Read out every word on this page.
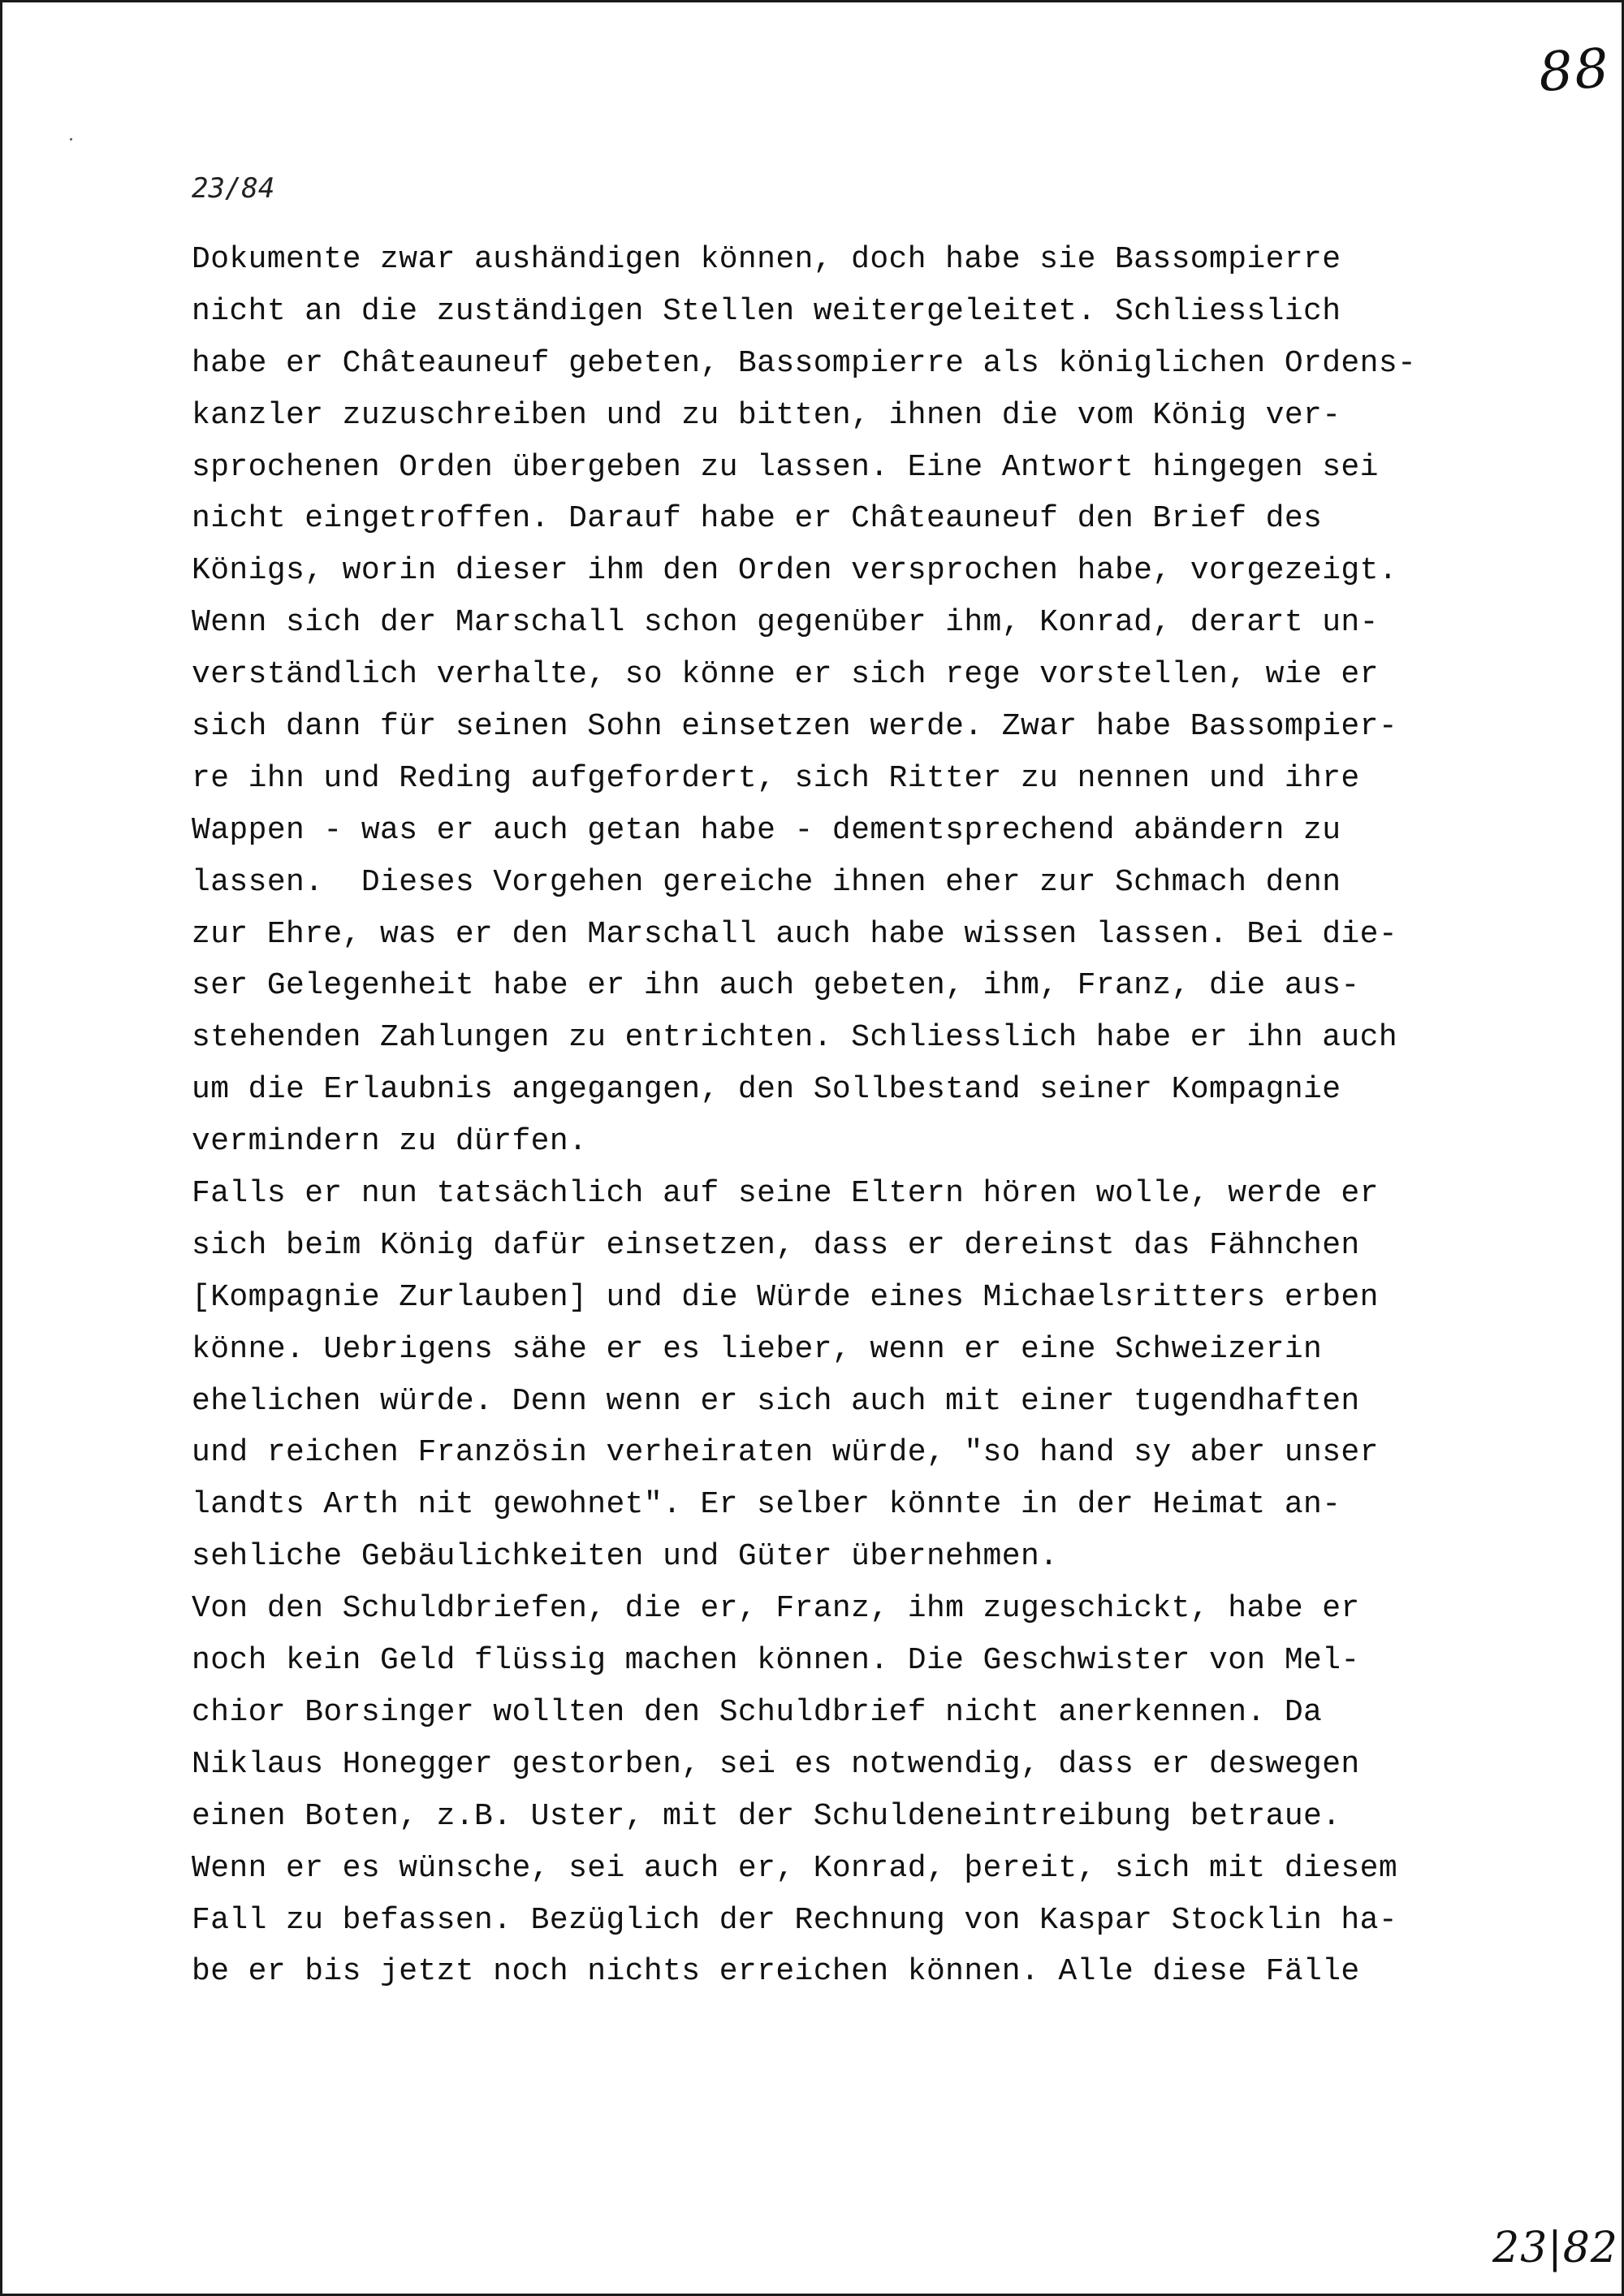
88
23/84
Dokumente zwar aushändigen können, doch habe sie Bassompierre
nicht an die zuständigen Stellen weitergeleitet. Schliesslich
habe er Châteauneuf gebeten, Bassompierre als königlichen Ordens-
kanzler zuzuschreiben und zu bitten, ihnen die vom König ver-
sprochenen Orden übergeben zu lassen. Eine Antwort hingegen sei
nicht eingetroffen. Darauf habe er Châteauneuf den Brief des
Königs, worin dieser ihm den Orden versprochen habe, vorgezeigt.
Wenn sich der Marschall schon gegenüber ihm, Konrad, derart un-
verständlich verhalte, so könne er sich rege vorstellen, wie er
sich dann für seinen Sohn einsetzen werde. Zwar habe Bassompier-
re ihn und Reding aufgefordert, sich Ritter zu nennen und ihre
Wappen - was er auch getan habe - dementsprechend abändern zu
lassen.  Dieses Vorgehen gereiche ihnen eher zur Schmach denn
zur Ehre, was er den Marschall auch habe wissen lassen. Bei die-
ser Gelegenheit habe er ihn auch gebeten, ihm, Franz, die aus-
stehenden Zahlungen zu entrichten. Schliesslich habe er ihn auch
um die Erlaubnis angegangen, den Sollbestand seiner Kompagnie
vermindern zu dürfen.
Falls er nun tatsächlich auf seine Eltern hören wolle, werde er
sich beim König dafür einsetzen, dass er dereinst das Fähnchen
[Kompagnie Zurlauben] und die Würde eines Michaelsritters erben
könne. Uebrigens sähe er es lieber, wenn er eine Schweizerin
ehelichen würde. Denn wenn er sich auch mit einer tugendhaften
und reichen Französin verheiraten würde, "so hand sy aber unser
landts Arth nit gewohnet". Er selber könnte in der Heimat an-
sehliche Gebäulichkeiten und Güter übernehmen.
Von den Schuldbriefen, die er, Franz, ihm zugeschickt, habe er
noch kein Geld flüssig machen können. Die Geschwister von Mel-
chior Borsinger wollten den Schuldbrief nicht anerkennen. Da
Niklaus Honegger gestorben, sei es notwendig, dass er deswegen
einen Boten, z.B. Uster, mit der Schuldeneintreibung betraue.
Wenn er es wünsche, sei auch er, Konrad, þereit, sich mit diesem
Fall zu befassen. Bezüglich der Rechnung von Kaspar Stocklin ha-
be er bis jetzt noch nichts erreichen können. Alle diese Fälle
23|82
